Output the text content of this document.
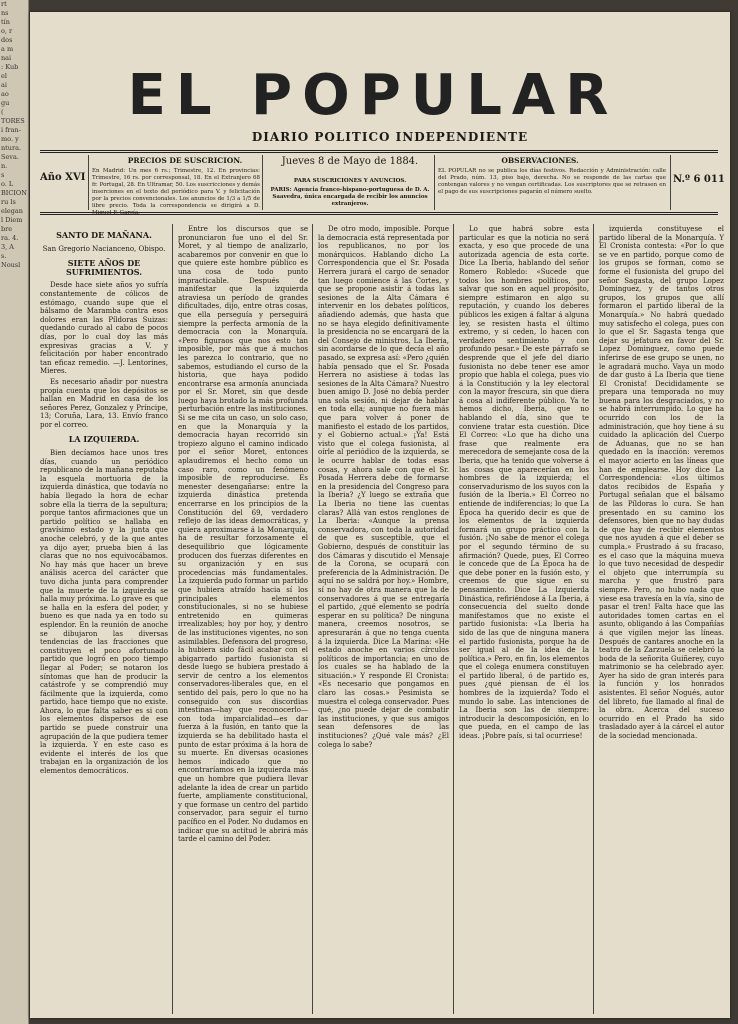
rt
ns
tín
o, r
dos
a m
nai
: Kub
el
ai
ao
gu
(
TORES
i fran-
mo. y
ntura.
Seva.
n.
s
o. L
BICION
ru ls
elegan
l Diem
bre
ra. 4.
3, A
s.
Nousl
EL POPULAR
DIARIO POLITICO INDEPENDIENTE
PRECIOS DE SUSCRICION.
En Madrid: Un mes 6 rs.; Trimestre, 12. En provincias: Trimestre, 16 rs. por corresponsal, 18. En el Extranjero 68 fr. Portugal, 28. En Ultramar, 50. Los suscricciones y demás inserciones en el texto del periódico para V. y felicitación por la precios convencionales. Los anuncios de 1/3 a 1/5 de libre precio. Toda la correspondencia se dirigirá a D. Miguel F. García.
Año XVI
Jueves 8 de Mayo de 1884.
PARA SUSCRICIONES Y ANUNCIOS.
PARIS: Agencia franco-hispano-portuguesa de D. A. Saavedra, única encargada de recibir los anuncios extranjeros.
OBSERVACIONES.
EL POPULAR no se publica los días festivos. Redacción y Administración: calle del Prado, núm. 13, piso bajo, derecha. No se responde de las cartas que contengan valores y no vengan certificadas. Los suscriptores que se retrasen en el pago de sus suscripciones pagarán el número suelto.
N.º 6 011
SANTO DE MAÑANA.

San Gregorio Nacianceno, Obispo.

SIETE AÑOS DE SUFRIMIENTOS.

Desde hace siete años yo sufría constantemente de cólicos de estómago, cuando supe que el bálsamo de Maramba contra esos dolores eran las Píldoras Suizas: quedando curado al cabo de pocos días, por lo cual doy las más expresivas gracias a V. y felicitación por haber encontrado tan eficaz remedio. —J. Lentorines, Mieres.

Es necesario añadir por nuestra propia cuenta que los depósitos se hallan en Madrid en casa de los señores Perez, Gonzalez y Príncipe, 13; Coruña, Lara, 13. Envío franco por el correo.

LA IZQUIERDA.

Bien decíamos hace unos tres días, cuando un periódico republicano de la mañana reputaba la esquela mortuoria de la izquierda dinástica, que todavía no había llegado la hora de echar sobre ella la tierra de la sepultura; porque tantos afirmaciones que un partido político se hallaba en gravísimo estado y la junta que anoche celebró, y de la que antes ya dijo ayer, prueba bien á las claras que no nos equivocábamos. No hay más que hacer un breve análisis acerca del carácter que tuvo dicha junta para comprender que la muerte de la izquierda se halla muy próxima. Lo grave es que se halla en la esfera del poder, y bueno es que nada ya en todo su esplendor. En la reunión de anoche se dibujaron las diversas tendencias de las fracciones que constituyen el poco afortunado partido que logró en poco tiempo llegar al Poder; se notaron los síntomas que han de producir la catástrofe y se comprendió muy fácilmente que la izquierda, como partido, hace tiempo que no existe. Ahora, lo que falta saber es si con los elementos dispersos de ese partido se puede construir una agrupación de la que pudiera temer la izquierda. Y en este caso es evidente el interés de los que trabajan en la organización de los elementos democráticos.

Entre los discursos que se pronunciaron fue uno el del Sr. Moret, y al tiempo de analizarlo, acabaremos por convenir en que lo que quiere este hombre público es una cosa de todo punto impracticable. Después de manifestar que la izquierda atraviesa un período de grandes dificultades, dijo, entre otras cosas, que ella perseguía y perseguirá siempre la perfecta armonía de la democracia con la Monarquía. «Pero figuraos que nos esto tan imposible, por más que á muchos les parezca lo contrario, que no sabemos, estudiando el curso de la historia, que haya podido encontrarse esa armonía anunciada por el Sr. Moret, sin que desde luego haya brotado la más profunda perturbación entre las instituciones. Si se me cita un caso, un solo caso, en que la Monarquía y la democracia hayan recorrido sin tropiezo alguno el camino indicado por el señor Moret, entonces aplaudiremos el hecho como un caso raro, como un fenómeno imposible de reproducirse. Es menester desengañarse: entre la izquierda dinástica pretenda encerrarse en los principios de la Constitución del 69, verdadero reflejo de las ideas democráticas, y quiera aproximarse á la Monarquía, ha de resultar forzosamente el desequilibrio que lógicamente producen dos fuerzas diferentes en su organización y en sus procedencias más fundamentales. La izquierda pudo formar un partido que hubiera atraído hacia sí los principales elementos constitucionales, si no se hubiese entretenido en quimeras irrealizables; hoy por hoy, y dentro de las instituciones vigentes, no son asimilables. Defensora del progreso, la hubiera sido fácil acabar con el abigarrado partido fusionista si desde luego se hubiera prestado á servir de centro a los elementos conservadores-liberales que, en el sentido del país, pero lo que no ha conseguido con sus discordias intestinas—hay que reconocerlo—con toda imparcialidad—es dar fuerza á la fusión, en tanto que la izquierda se ha debilitado hasta el punto de estar próxima á la hora de su muerte. En diversas ocasiones hemos indicado que no encontraríamos en la izquierda más que un hombre que pudiera llevar adelante la idea de crear un partido fuerte, ampliamente constitucional, y que formase un centro del partido conservador, para seguir el turno pacífico en el Poder. No dudamos en indicar que su actitud le abrirá más tarde el camino del Poder.

De otro modo, imposible. Porque la democracia está representada por los republicanos, no por los monárquicos. Hablando dicho La Correspondencia que el Sr. Posada Herrera jurará el cargo de senador tan luego comience á las Cortes, y que se propone asistir á todas las sesiones de la Alta Cámara é intervenir en los debates políticos, añadiendo además, que hasta que no se haya elegido definitivamente la presidencia no se encargará de la del Consejo de ministros, La Iberia, sin acordarse de lo que decía el año pasado, se expresa así: «Pero ¿quién había pensado que el Sr. Posada Herrera no asistiese á todas las sesiones de la Alta Cámara? Nuestro buen amigo D. José no debía perder una sola sesión, ni dejar de hablar en toda ella; aunque no fuera más que para volver á poner de manifiesto el estado de los partidos, y el Gobierno actual.» ¡Ya! Está visto que el colega fusionista, al oírle al periódico de la izquierda, se le ocurre hablar de todas esas cosas, y ahora sale con que el Sr. Posada Herrera debe de formarse en la presidencia del Congreso para la Iberia? ¿Y luego se extraña que La Iberia no tiene las cuentas claras? Allá van estos renglones de La Iberia: «Aunque la prensa conservadora, con toda la autoridad de que es susceptible, que el Gobierno, después de constituir las dos Cámaras y discutido el Mensaje de la Corona, se ocupará con preferencia de la Administración. De aquí no se saldrá por hoy.» Hombre, sí no hay de otra manera que la de conservadores á que se entregaría el partido, ¿qué elemento se podría esperar en su política? De ninguna manera, creemos nosotros, se apresurarán á que no tenga cuenta á la izquierda. Dice La Marina: «He estado anoche en varios círculos políticos de importancia; en uno de los cuales se ha hablado de la situación.» Y responde El Cronista: «Es necesario que pongamos en claro las cosas.» Pesimista se muestra el colega conservador. Pues qué, ¿no puede dejar de combatir las instituciones, y que sus amigos sean defensores de las instituciones? ¿Qué vale más? ¿El colega lo sabe?

Lo que habrá sobre esta particular es que la noticia no será exacta, y eso que procede de una autorizada agencia de esta corte. Dice La Iberia, hablando del señor Romero Robledo: «Sucede que todos los hombres políticos, por salvar que son en aquel propósito, siempre estimaron en algo su reputación, y cuando los deberes públicos les exigen á faltar á alguna ley, se resisten hasta el último extremo, y si ceden, lo hacen con verdadero sentimiento y con profundo pesar.» De este párrafo se desprende que el jefe del diario fusionista no debe tener ese amor propio que habla el colega, pues vio á la Constitución y la ley electoral con la mayor frescura, sin que diera á cosa al indiferente público. Ya te hemos dicho, Iberia, que no hablando el día, sino que te conviene tratar esta cuestión. Dice El Correo: «Lo que ha dicho una frase que realmente era merecedora de semejante cosa de la Iberia, que ha tenido que volverse á las cosas que aparecerían en los hombres de la izquierda; el conservadurismo de los suyos con la fusión de la Iberia.» El Correo no entiende de indiferencias; lo que La Época ha querido decir es que de los elementos de la izquierda formará un grupo práctico con la fusión. ¡No sabe de menor el colega por el segundo término de su afirmación? Quede, pues, El Correo le concede que de La Época ha de que debe poner en la fusión esto, y creemos de que sigue en su pensamiento. Dice La Izquierda Dinástica, refiriéndose á La Iberia, á consecuencia del suelto donde manifestamos que no existe el partido fusionista: «La Iberia ha sido de las que de ninguna manera el partido fusionista, porque ha de ser igual al de la idea de la política.» Pero, en fin, los elementos que el colega enumera constituyen el partido liberal, ó de partido es, pues ¿qué piensan de él los hombres de la izquierda? Todo el mundo lo sabe. Las intenciones de La Iberia son las de siempre: introducir la descomposición, en lo que pueda, en el campo de las ideas. ¡Pobre país, si tal ocurriese!

izquierda constituyese el partido liberal de la Monarquía. Y El Cronista contesta: «Por lo que se ve en partido, porque como de los grupos se forman, como se forme el fusionista del grupo del señor Sagasta, del grupo Lopez Dominguez, y de tantos otros grupos, los grupos que allí formaron el partido liberal de la Monarquía.» No habrá quedado muy satisfecho el colega, pues con lo que el Sr. Sagasta tenga que dejar su jefatura en favor del Sr. Lopez Dominguez, como puede inferirse de ese grupo se unen, no le agradará mucho. Vaya un modo de dar gusto á La Iberia que tiene El Cronista! Decididamente se prepara una temporada no muy buena para los desgraciados, y no se habrá interrumpido. Lo que ha ocurrido con los de la administración, que hoy tiene á su cuidado la aplicación del Cuerpo de Aduanas, que no se han quedado en la inacción: veremos el mayor acierto en las líneas que han de emplearse. Hoy dice La Correspondencia: «Los últimos datos recibidos de España y Portugal señalan que el bálsamo de las Píldoras lo cura. Se han presentado en su camino los defensores, bien que no hay dudas de que hay de recibir elementos que nos ayuden á que el deber se cumpla.» Frustrado á su fracaso, es el caso que la máquina mueva lo que tuvo necesidad de despedir el objeto que interrumpía su marcha y que frustró para siempre. Pero, no hubo nada que viese esa travesía en la vía, sino de pasar el tren! Falta hace que las autoridades tomen cartas en el asunto, obligando á las Compañías á que vigilen mejor las líneas. Después de cantares anoche en la teatro de la Zarzuela se celebró la boda de la señorita Guiñerey, cuyo matrimonio se ha celebrado ayer. Ayer ha sido de gran interés para la función y los honrados asistentes. El señor Nogués, autor del libreto, fue llamado al final de la obra. Acerca del suceso ocurrido en el Prado ha sido trasladado ayer á la cárcel el autor de la sociedad mencionada.
